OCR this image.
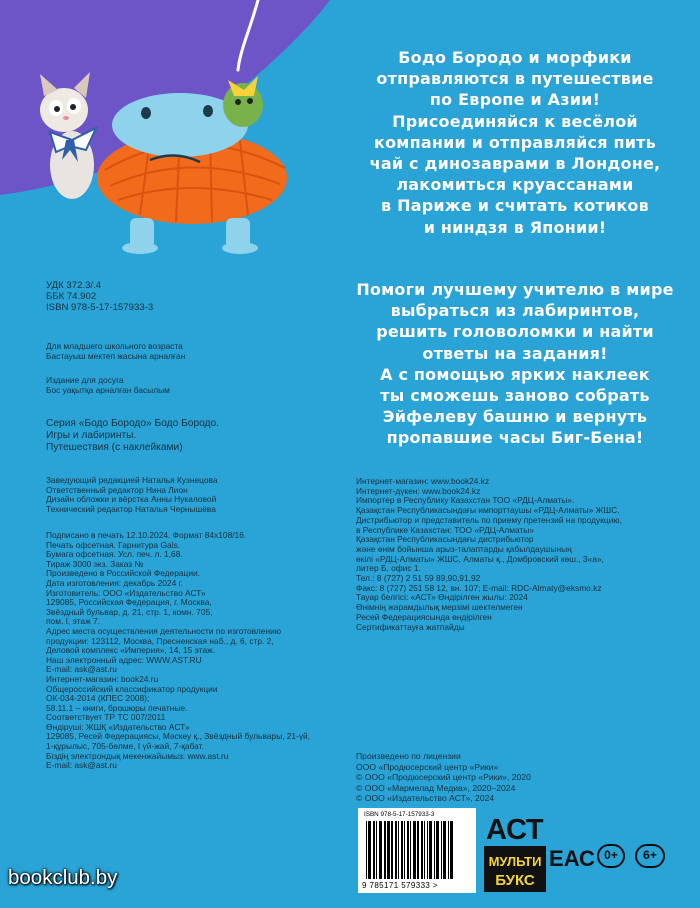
Бодо Бородо и морфики
отправляются в путешествие
по Европе и Азии!
Присоединяйся к весёлой
компании и отправляйся пить
чай с динозаврами в Лондоне,
лакомиться круассанами
в Париже и считать котиков
и ниндзя в Японии!
Помоги лучшему учителю в мире
выбраться из лабиринтов,
решить головоломки и найти
ответы на задания!
А с помощью ярких наклеек
ты сможешь заново собрать
Эйфелеву башню и вернуть
пропавшие часы Биг-Бена!
УДК 372.3/.4
ББК 74.902
ISBN 978-5-17-157933-3
Для младшего школьного возраста
Бастауыш мектеп жасына арналған
Издание для досуга
Бос уақытқа арналған басылым
Серия «Бодо Бородо» Бодо Бородо.
Игры и лабиринты.
Путешествия (с наклейками)
Заведующий редакцией Наталья Кузнецова
Ответственный редактор Нина Лион
Дизайн обложки и вёрстка Анны Нукаловой
Технический редактор Наталья Чернышёва
Подписано в печать 12.10.2024. Формат 84х108/16.
Печать офсетная. Гарнитура Gals.
Бумага офсетная. Усл. печ. л. 1,68.
Тираж 3000 экз. Заказ №
Произведено в Российской Федерации.
Дата изготовления: декабрь 2024 г.
Изготовитель: ООО «Издательство АСТ»
129085, Российская Федерация, г. Москва,
Звёздный бульвар, д. 21, стр. 1, комн. 705,
пом. I, этаж 7.
Адрес места осуществления деятельности по изготовлению
продукции: 123112, Москва, Пресненская наб., д. 6, стр. 2,
Деловой комплекс «Империя», 14, 15 этаж.
Наш электронный адрес: WWW.AST.RU
E-mail: ask@ast.ru
Интернет-магазин: book24.ru
Общероссийский классификатор продукции
ОК-034-2014 (КПЕС 2008);
58.11.1 – книги, брошюры печатные.
Соответствует ТР ТС 007/2011
Өндіруші: ЖШҚ «Издательство АСТ»
129085, Ресей Федерациясы, Мәскеу қ., Звёздный бульвары, 21-үй,
1-құрылыс, 705-бөлме, I үй-жай, 7-қабат.
Біздің электрондық мекенжайымыз: www.ast.ru
E-mail: ask@ast.ru
Интернет-магазин: www.book24.kz
Интернет-дүкен: www.book24.kz
Импортер в Республику Казахстан ТОО «РДЦ-Алматы».
Қазақстан Республикасындағы импорттаушы «РДЦ-Алматы» ЖШС.
Дистрибьютор и представитель по приему претензий на продукцию,
в Республике Казахстан: ТОО «РДЦ-Алматы»
Қазақстан Республикасындағы дистрибьютор
және өнім бойынша арыз-талаптарды қабылдаушының
өкілі «РДЦ-Алматы» ЖШС, Алматы қ., Домбровский көш., 3«а»,
литер Б, офис 1.
Тел.: 8 (727) 2 51 59 89,90,91,92
Факс: 8 (727) 251 58 12, вн. 107; E-mail: RDC-Almaty@eksmo.kz
Тауар белгісі: «АСТ» Өндірілген жылы: 2024
Өнімнің жарамдылық мерзімі шектелмеген
Ресей Федерациясында өндірілген
Сертификаттауға жатпайды
Произведено по лицензии
ООО «Продюсерский центр «Рики»
© ООО «Продюсерский центр «Рики», 2020
© ООО «Мармелад Медиа», 2020–2024
© ООО «Издательство АСТ», 2024
ISBN 978-5-17-157933-3
9 785171 579333 >
ACT
МУЛЬТИ
БУКС
ЕАС 0+	6+
bookclub.by
